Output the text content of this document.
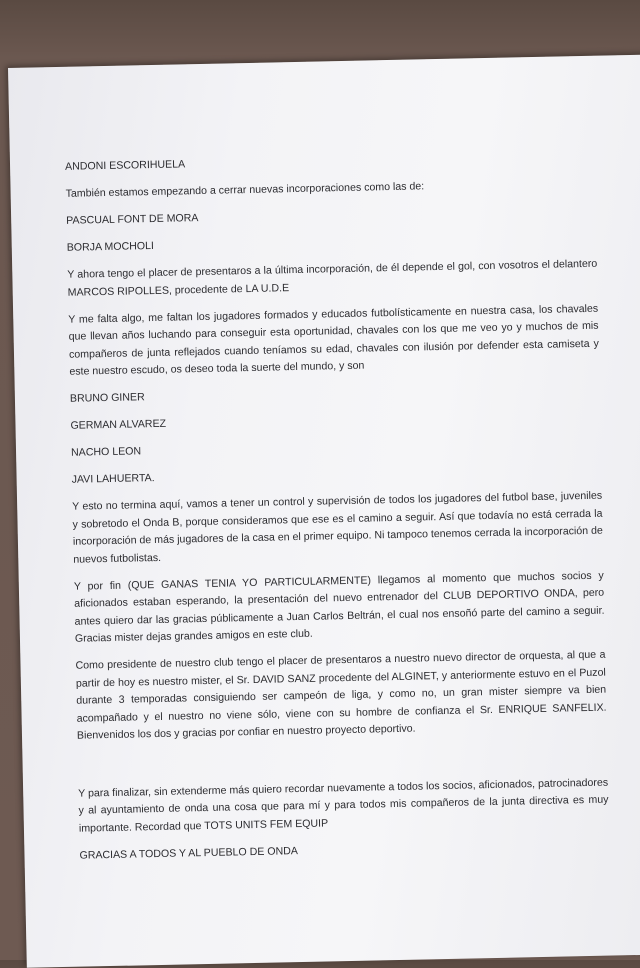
ANDONI ESCORIHUELA

También estamos empezando a cerrar nuevas incorporaciones como las de:

PASCUAL FONT DE MORA

BORJA MOCHOLI

Y ahora tengo el placer de presentaros a la última incorporación, de él depende el gol, con vosotros el delantero MARCOS RIPOLLES, procedente de LA U.D.E

Y me falta algo, me faltan los jugadores formados y educados futbolísticamente en nuestra casa, los chavales que llevan años luchando para conseguir esta oportunidad, chavales con los que me veo yo y muchos de mis compañeros de junta reflejados cuando teníamos su edad, chavales con ilusión por defender esta camiseta y este nuestro escudo, os deseo toda la suerte del mundo, y son

BRUNO GINER

GERMAN ALVAREZ

NACHO LEON

JAVI LAHUERTA.

Y esto no termina aquí, vamos a tener un control y supervisión de todos los jugadores del futbol base, juveniles y sobretodo el Onda B, porque consideramos que ese es el camino a seguir. Así que todavía no está cerrada la incorporación de más jugadores de la casa en el primer equipo. Ni tampoco tenemos cerrada la incorporación de nuevos futbolistas.

Y por fin (QUE GANAS TENIA YO PARTICULARMENTE) llegamos al momento que muchos socios y aficionados estaban esperando, la presentación del nuevo entrenador del CLUB DEPORTIVO ONDA, pero antes quiero dar las gracias públicamente a Juan Carlos Beltrán, el cual nos ensoñó parte del camino a seguir. Gracias mister dejas grandes amigos en este club.

Como presidente de nuestro club tengo el placer de presentaros a nuestro nuevo director de orquesta, al que a partir de hoy es nuestro mister, el Sr. DAVID SANZ procedente del ALGINET, y anteriormente estuvo en el Puzol durante 3 temporadas consiguiendo ser campeón de liga, y como no, un gran mister siempre va bien acompañado y el nuestro no viene sólo, viene con su hombre de confianza el Sr. ENRIQUE SANFELIX. Bienvenidos los dos y gracias por confiar en nuestro proyecto deportivo.

Y para finalizar, sin extenderme más quiero recordar nuevamente a todos los socios, aficionados, patrocinadores y al ayuntamiento de onda una cosa que para mí y para todos mis compañeros de la junta directiva es muy importante. Recordad que TOTS UNITS FEM EQUIP

GRACIAS A TODOS Y AL PUEBLO DE ONDA
